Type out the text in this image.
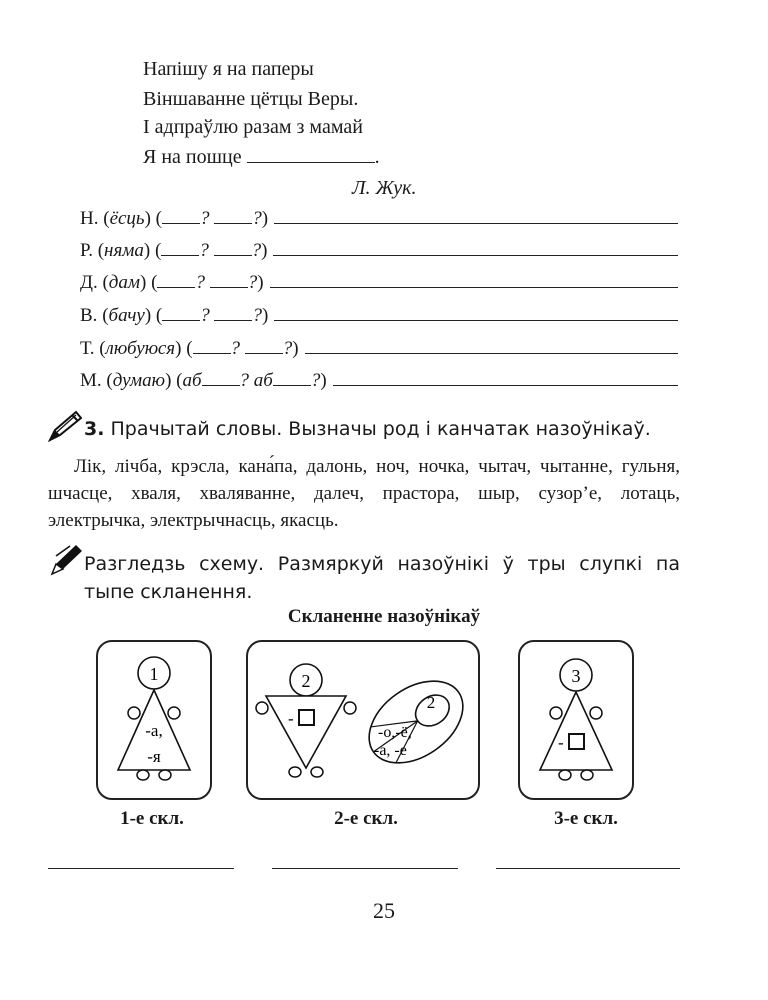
Напішу я на паперы
Віншаванне цётцы Веры.
І адпраўлю разам з мамай
Я на пошце	.
Л. Жук.
Н. (ёсць) ( ? ?)
Р. (няма) ( ? ?)
Д. (дам) ( ? ?)
В. (бачу) ( ? ?)
Т. (любуюся) ( ? ?)
М. (думаю) (аб ? аб ?)
3. Прачытай словы. Вызначы род і канчатак назоўнікаў.
Лік, лічба, крэсла, кана́па, далонь, ноч, ночка, чытач, чытанне, гульня, шчасце, хваля, хваляванне, далеч, прастора, шыр, сузор’е, лотаць, электрычка, электрычнасць, якасць.
Разгледзь схему. Размяркуй назоўнікі ў тры слупкі па тыпе скланення.
Скланенне назоўнікаў
1
-а,
-я
2
-
2
-о,-ё,
-а, -е
3
-
1-е скл.	2-е скл.	3-е скл.
25
